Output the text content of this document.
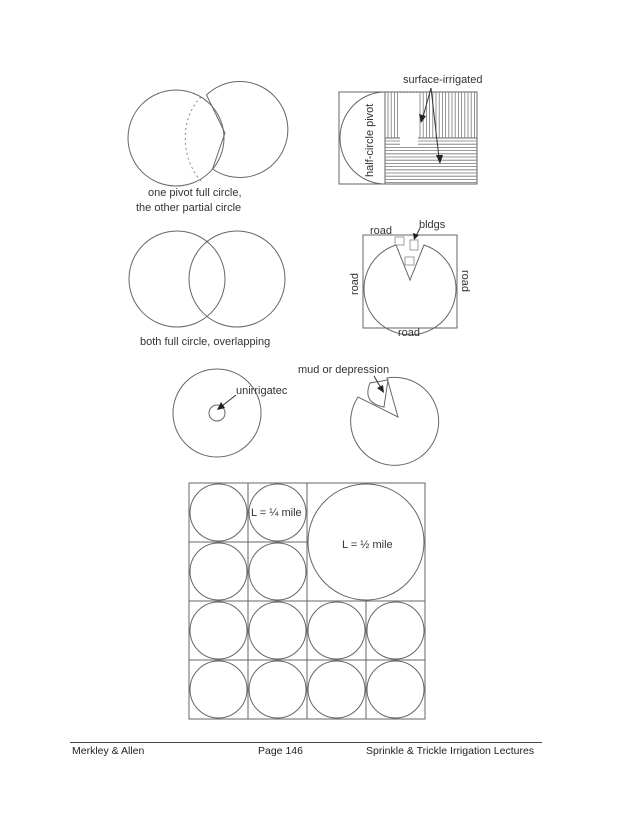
one pivot full circle,
the other partial circle
surface-irrigated
half-circle pivot
both full circle, overlapping
bldgs
road
road	road
road
unirrigatec
mud or depression
L = ¼ mile
L = ½ mile
Merkley & Allen	Page 146	Sprinkle & Trickle Irrigation Lectures
